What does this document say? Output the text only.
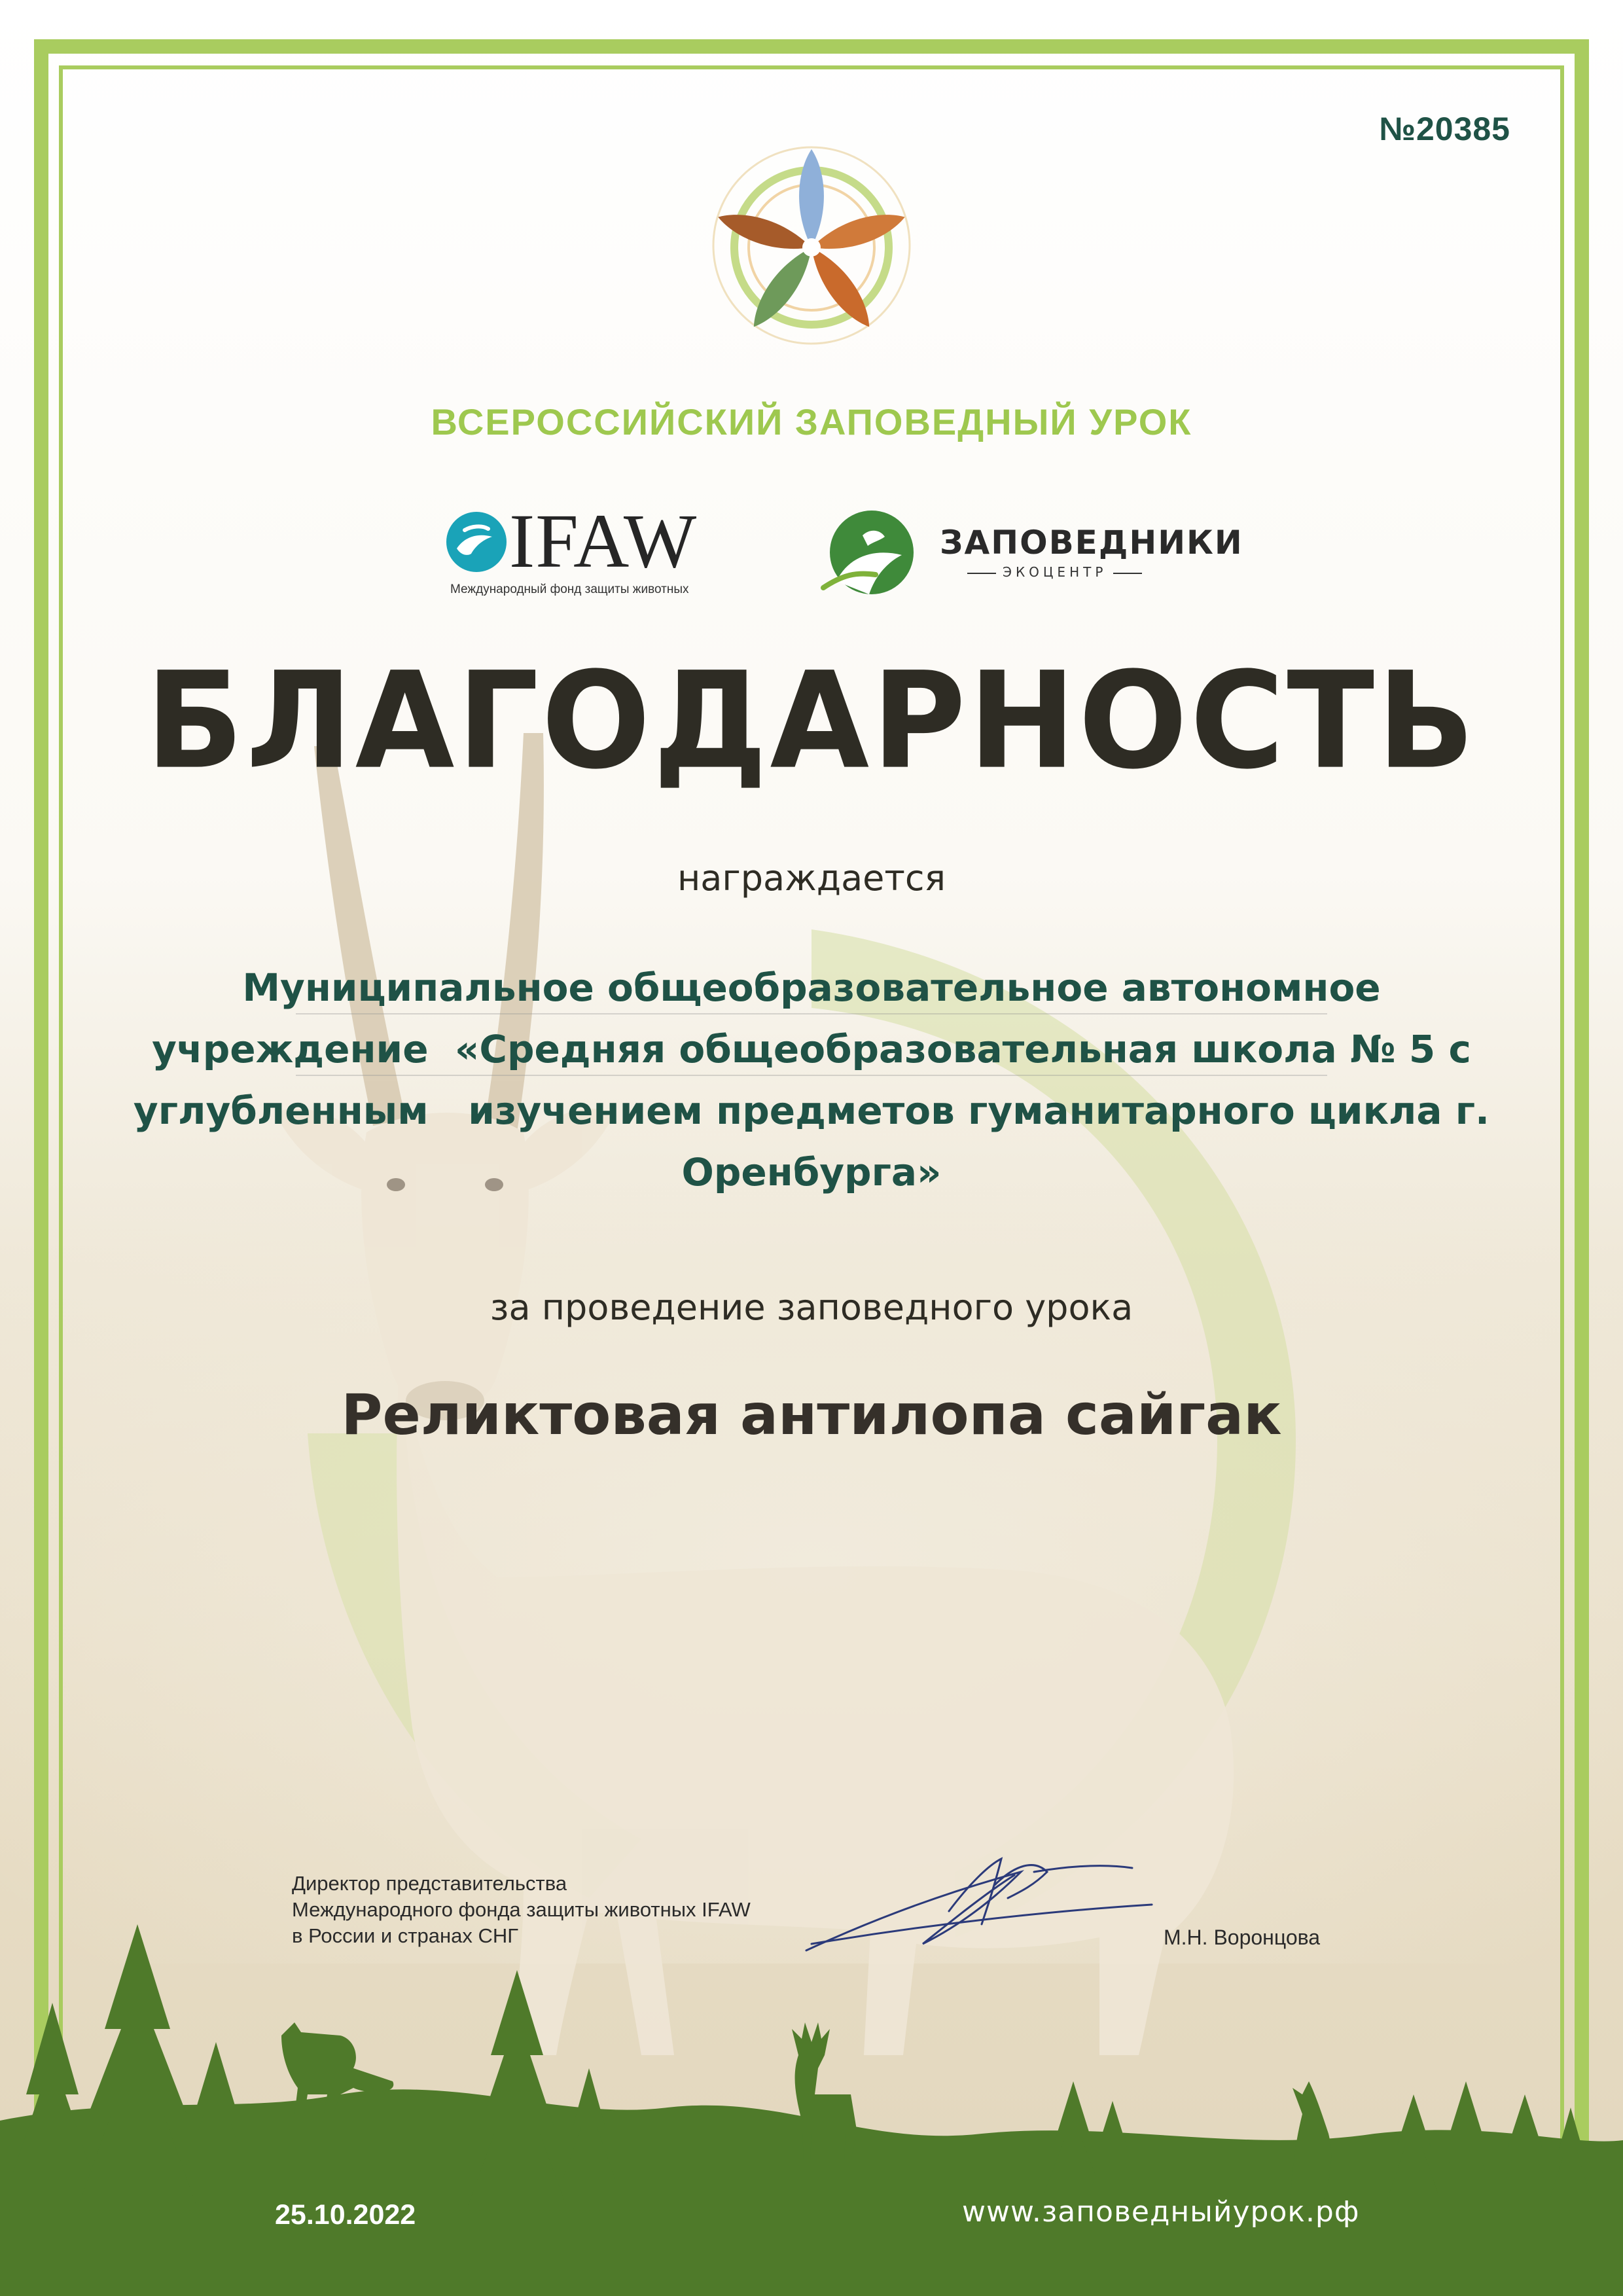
№20385
ВСЕРОССИЙСКИЙ ЗАПОВЕДНЫЙ УРОК
IFAW
Международный фонд защиты животных
ЗАПОВЕДНИКИ
ЭКОЦЕНТР
БЛАГОДАРНОСТЬ
награждается
Муниципальное общеобразовательное автономное
учреждение  «Средняя общеобразовательная школа № 5 с
углубленным   изучением предметов гуманитарного цикла г.
Оренбурга»
за проведение заповедного урока
Реликтовая антилопа сайгак
Директор представительства
Международного фонда защиты животных IFAW
в России и странах СНГ	М.Н. Воронцова
25.10.2022	www.заповедныйурок.рф
